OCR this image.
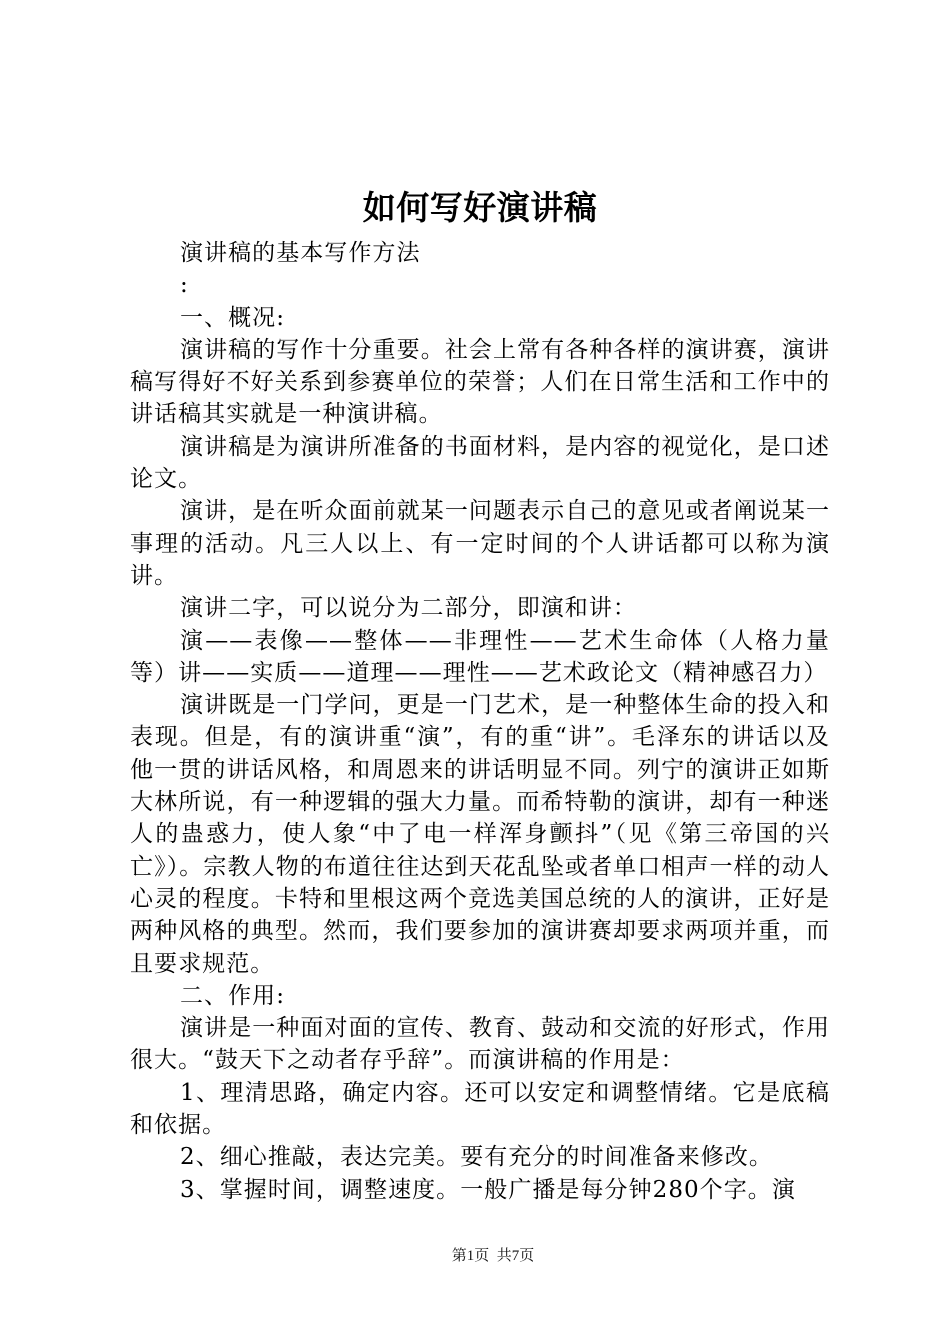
如何写好演讲稿

演讲稿的基本写作方法

:

一、概况:

演讲稿的写作十分重要。社会上常有各种各样的演讲赛，演讲稿写得好不好关系到参赛单位的荣誉；人们在日常生活和工作中的讲话稿其实就是一种演讲稿。

演讲稿是为演讲所准备的书面材料，是内容的视觉化，是口述论文。

演讲，是在听众面前就某一问题表示自己的意见或者阐说某一事理的活动。凡三人以上、有一定时间的个人讲话都可以称为演讲。

演讲二字，可以说分为二部分，即演和讲：

演——表像——整体——非理性——艺术生命体（人格力量等）讲——实质——道理——理性——艺术政论文（精神感召力）

演讲既是一门学问，更是一门艺术，是一种整体生命的投入和表现。但是，有的演讲重“演”，有的重“讲”。毛泽东的讲话以及他一贯的讲话风格，和周恩来的讲话明显不同。列宁的演讲正如斯大林所说，有一种逻辑的强大力量。而希特勒的演讲，却有一种迷人的蛊惑力，使人象“中了电一样浑身颤抖”（见《第三帝国的兴亡》）。宗教人物的布道往往达到天花乱坠或者单口相声一样的动人心灵的程度。卡特和里根这两个竞选美国总统的人的演讲，正好是两种风格的典型。然而，我们要参加的演讲赛却要求两项并重，而且要求规范。

二、作用:

演讲是一种面对面的宣传、教育、鼓动和交流的好形式，作用很大。“鼓天下之动者存乎辞”。而演讲稿的作用是：

1、理清思路，确定内容。还可以安定和调整情绪。它是底稿和依据。

2、细心推敲，表达完美。要有充分的时间准备来修改。

3、掌握时间，调整速度。一般广播是每分钟280个字。演

第1页 共7页
